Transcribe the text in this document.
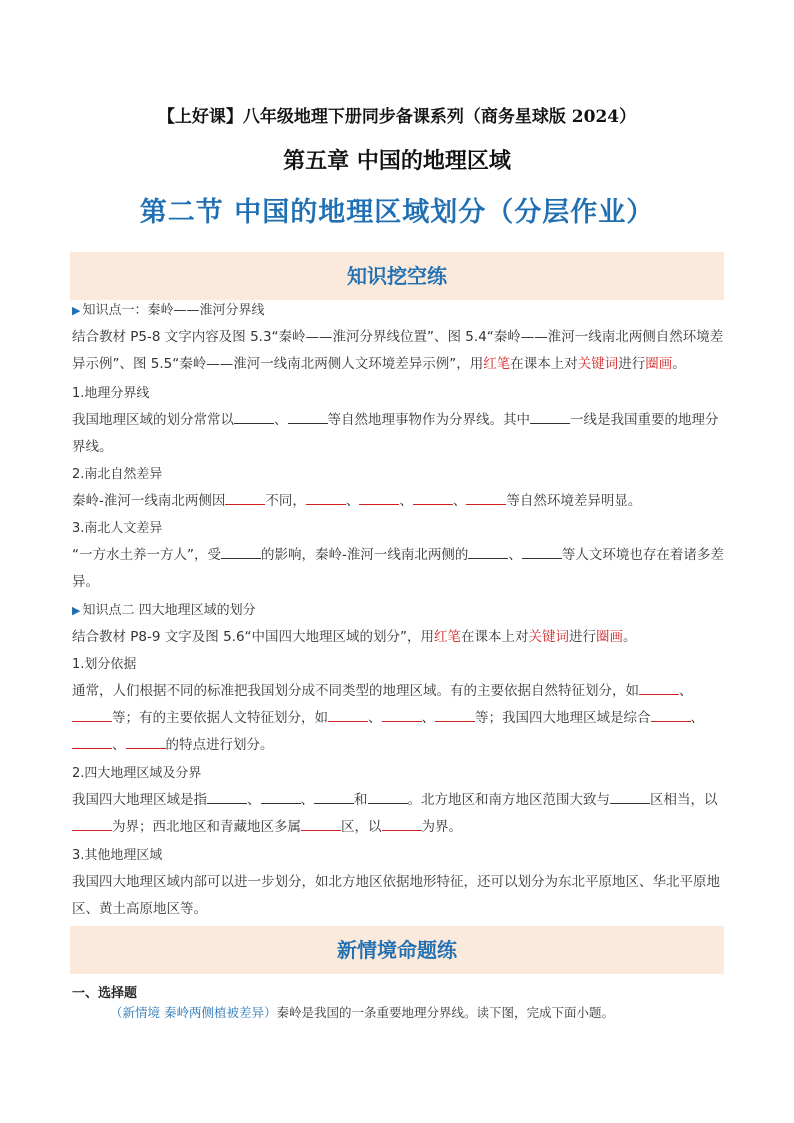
【上好课】八年级地理下册同步备课系列（商务星球版 2024）
第五章 中国的地理区域
第二节 中国的地理区域划分（分层作业）
知识挖空练
▶ 知识点一：秦岭——淮河分界线
结合教材 P5-8 文字内容及图 5.3“秦岭——淮河分界线位置”、图 5.4“秦岭——淮河一线南北两侧自然环境差异示例”、图 5.5“秦岭——淮河一线南北两侧人文环境差异示例”，用红笔在课本上对关键词进行圈画。
1.地理分界线
我国地理区域的划分常常以	、	等自然地理事物作为分界线。其中	一线是我国重要的地理分界线。
2.南北自然差异
秦岭-淮河一线南北两侧因	不同，	、	、	、	等自然环境差异明显。
3.南北人文差异
“一方水土养一方人”，受	的影响，秦岭-淮河一线南北两侧的	、	等人文环境也存在着诸多差异。
▶ 知识点二 四大地理区域的划分
结合教材 P8-9 文字及图 5.6“中国四大地理区域的划分”，用红笔在课本上对关键词进行圈画。
1.划分依据
通常，人们根据不同的标准把我国划分成不同类型的地理区域。有的主要依据自然特征划分，如	、等；有的主要依据人文特征划分，如	、	、	等；我国四大地理区域是综合	、、	的特点进行划分。
2.四大地理区域及分界
我国四大地理区域是指	、	、	和	。北方地区和南方地区范围大致与	区相当，以为界；西北地区和青藏地区多属	区，以	为界。
3.其他地理区域
我国四大地理区域内部可以进一步划分，如北方地区依据地形特征，还可以划分为东北平原地区、华北平原地区、黄土高原地区等。
新情境命题练
一、选择题
（新情境 秦岭两侧植被差异）秦岭是我国的一条重要地理分界线。读下图，完成下面小题。
